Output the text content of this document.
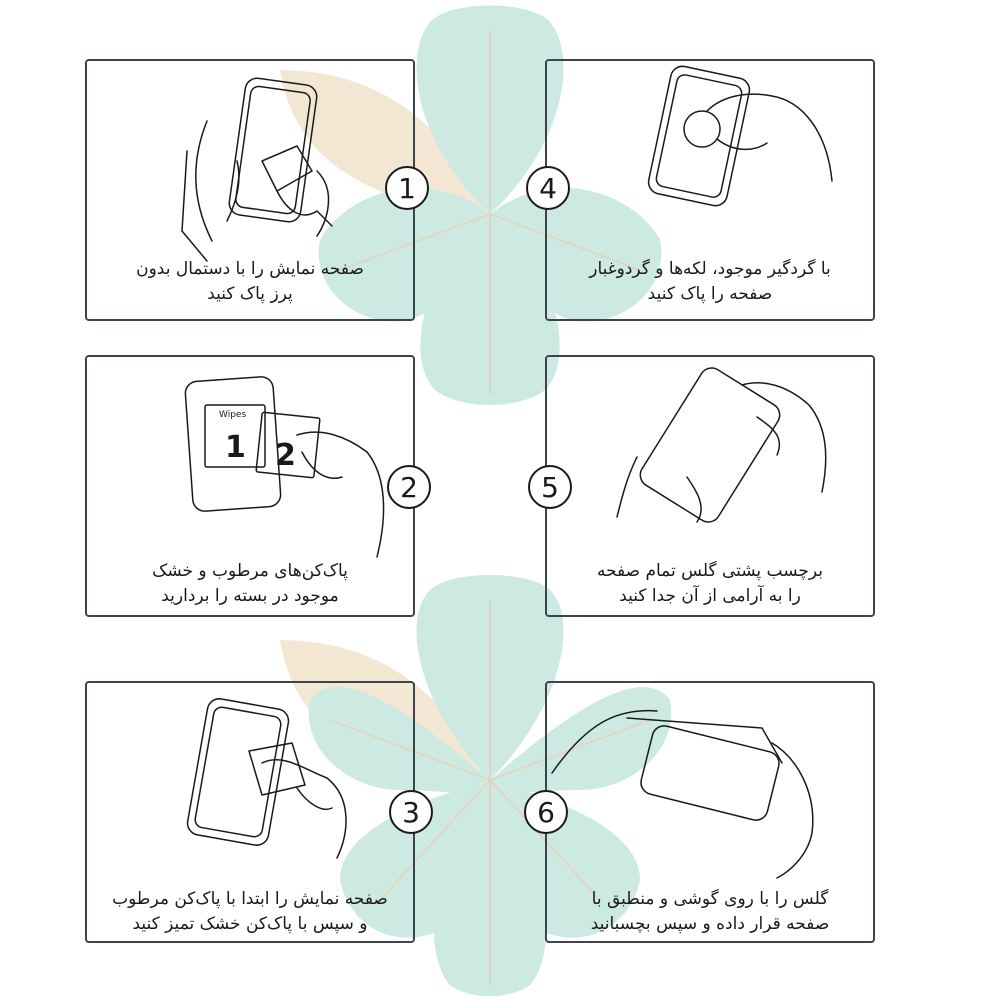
صفحه نمایش را با دستمال بدون
پرز پاک کنید
Wipes
1 2
پاک‌کن‌های مرطوب و خشک
موجود در بسته را بردارید
صفحه نمایش را ابتدا با پاک‌کن مرطوب
و سپس با پاک‌کن خشک تمیز کنید
با گردگیر موجود، لکه‌ها و گردوغبار
صفحه را پاک کنید
برچسب پشتی گلس تمام صفحه
را به آرامی از آن جدا کنید
گلس را با روی گوشی و منطبق با
صفحه قرار داده و سپس بچسبانید
1
2
3
4
5
6
